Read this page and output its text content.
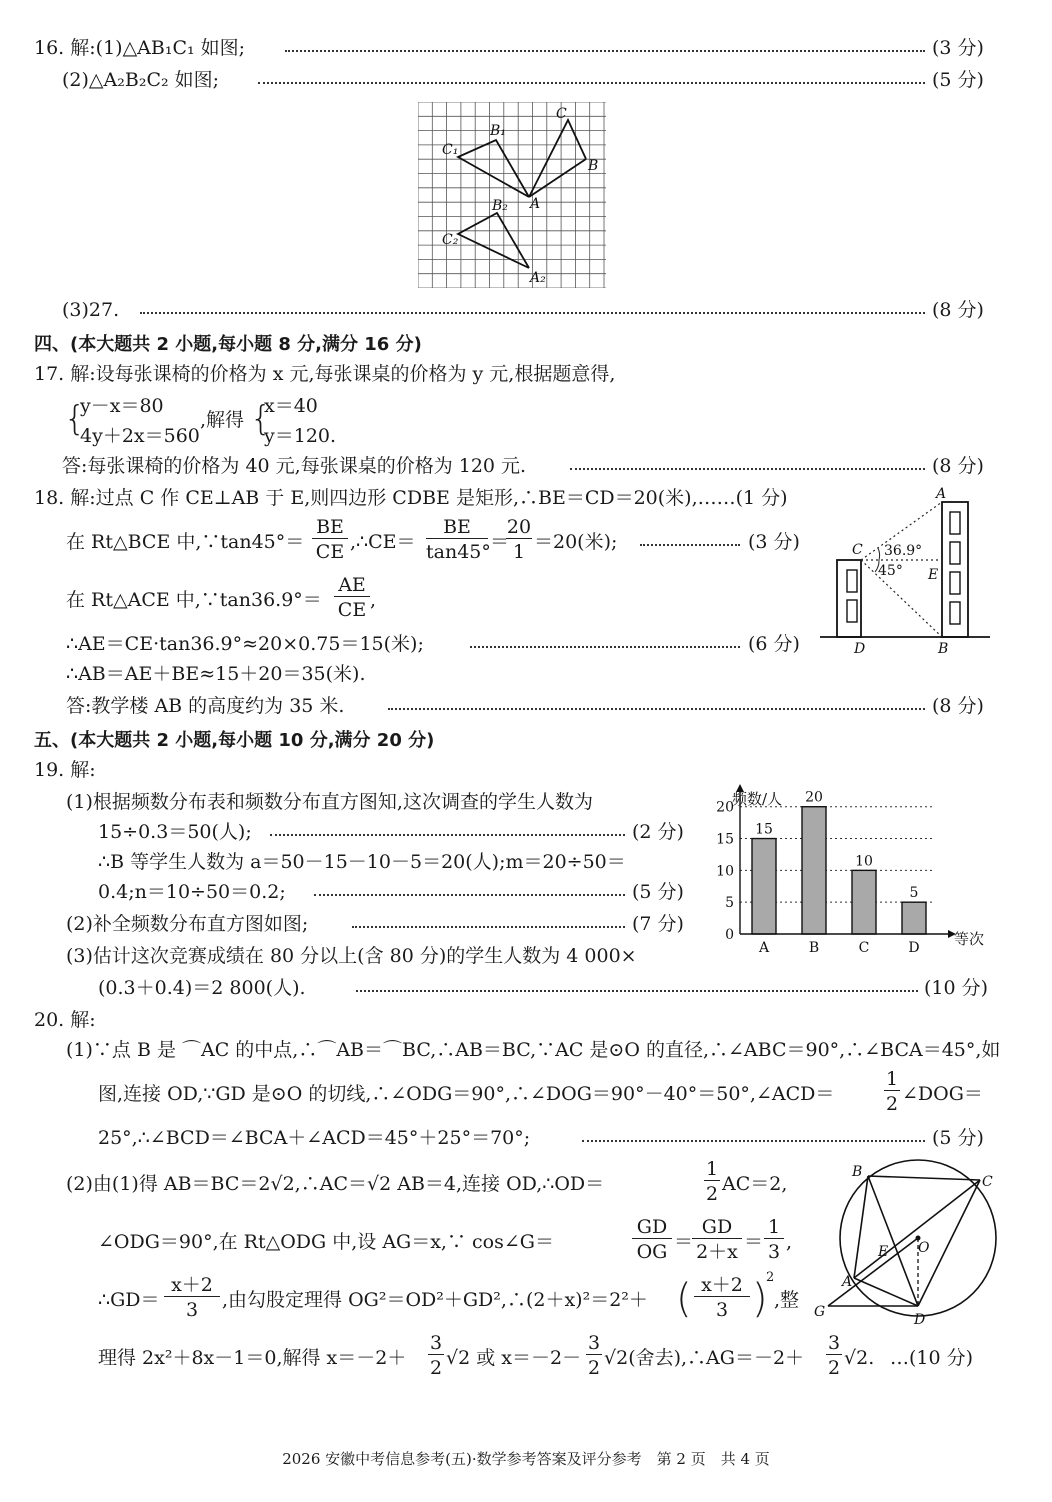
16. 解:(1)△AB₁C₁ 如图;	(3 分)
(2)△A₂B₂C₂ 如图;	(5 分)
C₁
B₁
C
B
A
B₂
C₂
A₂
(3)27.	(8 分)
四、(本大题共 2 小题,每小题 8 分,满分 16 分)
17. 解:设每张课椅的价格为 x 元,每张课桌的价格为 y 元,根据题意得,
{
y－x＝80
4y＋2x＝560
,解得 {
x＝40
y＝120.
答:每张课椅的价格为 40 元,每张课桌的价格为 120 元.	(8 分)
18. 解:过点 C 作 CE⊥AB 于 E,则四边形 CDBE 是矩形,∴BE＝CD＝20(米),……(1 分)
在 Rt△BCE 中,∵tan45°＝
BE
CE ,∴CE＝
BE
tan45° ＝
20
1 ＝20(米);	(3 分)
在 Rt△ACE 中,∵tan36.9°＝
AE
CE ,
∴AE＝CE·tan36.9°≈20×0.75＝15(米);	(6 分)
∴AB＝AE＋BE≈15＋20＝35(米).
答:教学楼 AB 的高度约为 35 米.	(8 分)
A
C
E
D	B
36.9°
45°
五、(本大题共 2 小题,每小题 10 分,满分 20 分)
19. 解:
(1)根据频数分布表和频数分布直方图知,这次调查的学生人数为
15÷0.3＝50(人);	(2 分)
∴B 等学生人数为 a＝50－15－10－5＝20(人);m＝20÷50＝
0.4;n＝10÷50＝0.2;	(5 分)
(2)补全频数分布直方图如图;	(7 分)
(3)估计这次竞赛成绩在 80 分以上(含 80 分)的学生人数为 4 000×
(0.3＋0.4)＝2 800(人).	(10 分)
0
5
10
15
20
A	B	C	D
15
20
10
5
频数/人
等次
20. 解:
(1)∵点 B 是 ⌒AC 的中点,∴⌒AB＝⌒BC,∴AB＝BC,∵AC 是⊙O 的直径,∴∠ABC＝90°,∴∠BCA＝45°,如
图,连接 OD,∵GD 是⊙O 的切线,∴∠ODG＝90°,∴∠DOG＝90°－40°＝50°,∠ACD＝
1
2 ∠DOG＝
25°,∴∠BCD＝∠BCA＋∠ACD＝45°＋25°＝70°;	(5 分)
(2)由(1)得 AB＝BC＝2√2,∴AC＝√2 AB＝4,连接 OD,∴OD＝
1
2 AC＝2,
∠ODG＝90°,在 Rt△ODG 中,设 AG＝x,∵ cos∠G＝
GD
OG ＝
GD
2＋x ＝
1
3 ,
∴GD＝
x＋2
3	,由勾股定理得 OG²＝OD²＋GD²,∴(2＋x)²＝2²＋ ( x＋2
3 )
2
,整
理得 2x²＋8x－1＝0,解得 x＝－2＋
3
2 √2 或 x＝－2－
3
2 √2(舍去),∴AG＝－2＋
3
2 √2. …(10 分)
B
C
O
E
A
G	D
2026 安徽中考信息参考(五)·数学参考答案及评分参考　第 2 页　共 4 页
